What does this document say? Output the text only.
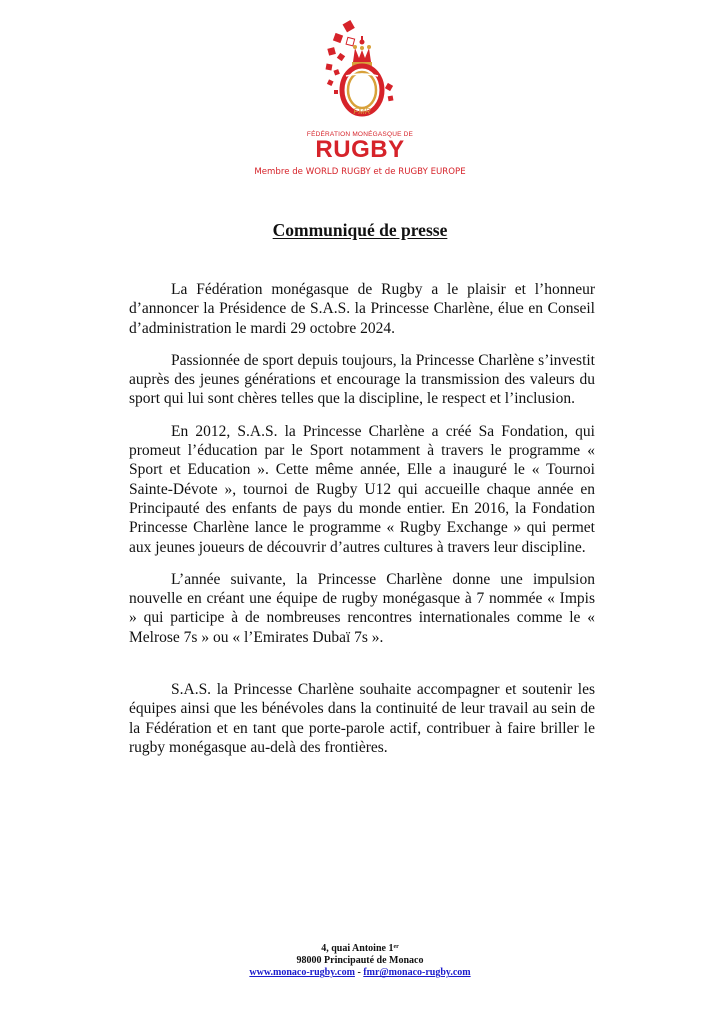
FMR
FÉDÉRATION MONÉGASQUE DE
RUGBY
Membre de WORLD RUGBY et de RUGBY EUROPE
Communiqué de presse

La Fédération monégasque de Rugby a le plaisir et l’honneur d’annoncer la Présidence de S.A.S. la Princesse Charlène, élue en Conseil d’administration le mardi 29 octobre 2024.

Passionnée de sport depuis toujours, la Princesse Charlène s’investit auprès des jeunes générations et encourage la transmission des valeurs du sport qui lui sont chères telles que la discipline, le respect et l’inclusion.

En 2012, S.A.S. la Princesse Charlène a créé Sa Fondation, qui promeut l’éducation par le Sport notamment à travers le programme « Sport et Education ». Cette même année, Elle a inauguré le « Tournoi Sainte-Dévote », tournoi de Rugby U12 qui accueille chaque année en Principauté des enfants de pays du monde entier. En 2016, la Fondation Princesse Charlène lance le programme « Rugby Exchange » qui permet aux jeunes joueurs de découvrir d’autres cultures à travers leur discipline.

L’année suivante, la Princesse Charlène donne une impulsion nouvelle en créant une équipe de rugby monégasque à 7 nommée « Impis » qui participe à de nombreuses rencontres internationales comme le « Melrose 7s » ou « l’Emirates Dubaï 7s ».

S.A.S. la Princesse Charlène souhaite accompagner et soutenir les équipes ainsi que les bénévoles dans la continuité de leur travail au sein de la Fédération et en tant que porte-parole actif, contribuer à faire briller le rugby monégasque au-delà des frontières.

4, quai Antoine 1er
98000 Principauté de Monaco
www.monaco-rugby.com - fmr@monaco-rugby.com
